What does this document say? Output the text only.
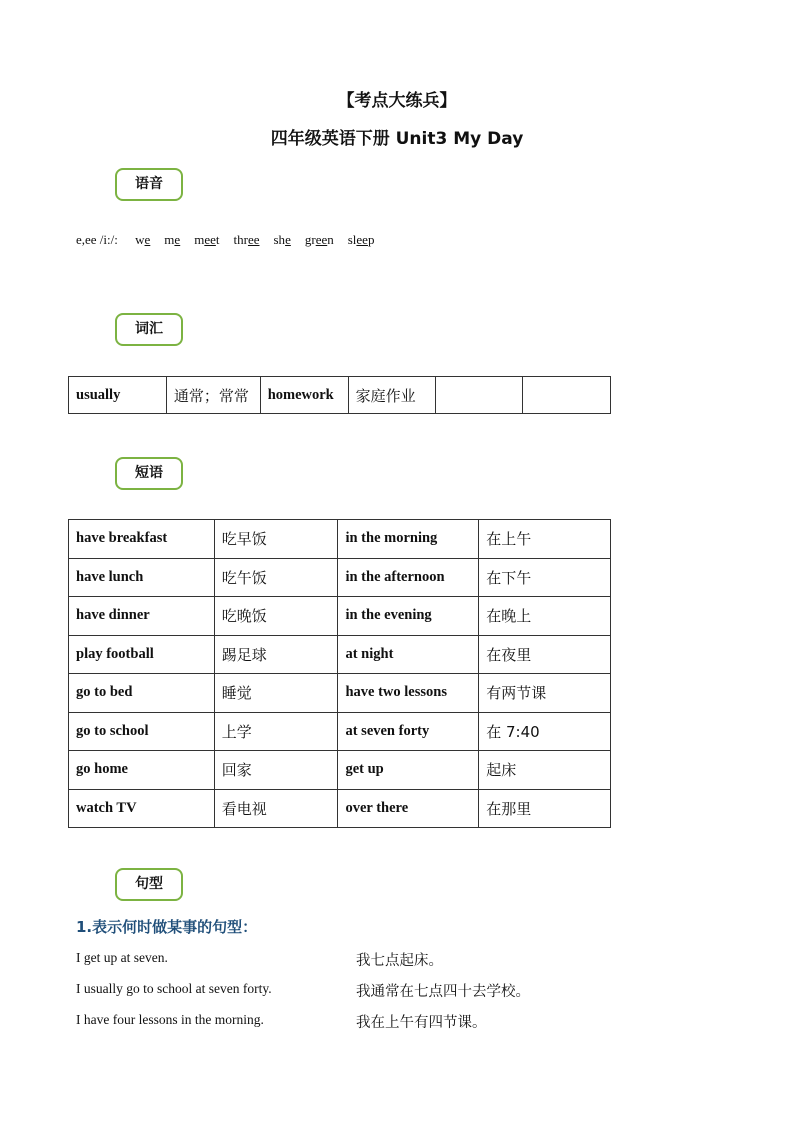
【考点大练兵】
四年级英语下册 Unit3 My Day
语音
e,ee /i:/: we me meet three she green sleep
词汇
usually	通常；常常	homework	家庭作业		
短语
have breakfast	吃早饭	in the morning	在上午
have lunch	吃午饭	in the afternoon	在下午
have dinner	吃晚饭	in the evening	在晚上
play football	踢足球	at night	在夜里
go to bed	睡觉	have two lessons	有两节课
go to school	上学	at seven forty	在 7:40
go home	回家	get up	起床
watch TV	看电视	over there	在那里
句型
1.表示何时做某事的句型：
I get up at seven.	我七点起床。
I usually go to school at seven forty.	我通常在七点四十去学校。
I have four lessons in the morning.	我在上午有四节课。
